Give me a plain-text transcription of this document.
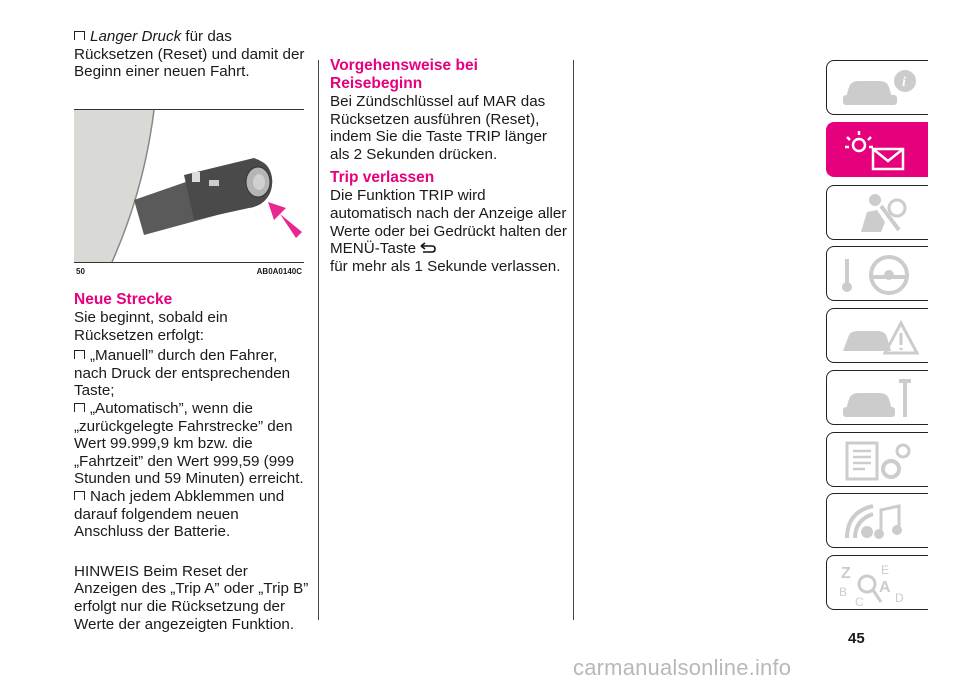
Langer Druck für das Rücksetzen (Reset) und damit der Beginn einer neuen Fahrt.

50	AB0A0140C
Neue Strecke

Sie beginnt, sobald ein Rücksetzen erfolgt:

„Manuell” durch den Fahrer, nach Druck der entsprechenden Taste;

„Automatisch”, wenn die „zurückgelegte Fahrstrecke” den Wert 99.999,9 km bzw. die „Fahrtzeit” den Wert 999,59 (999 Stunden und 59 Minuten) erreicht.

Nach jedem Abklemmen und darauf folgendem neuen Anschluss der Batterie.

HINWEIS Beim Reset der Anzeigen des „Trip A” oder „Trip B” erfolgt nur die Rücksetzung der Werte der angezeigten Funktion.

Vorgehensweise bei Reisebeginn

Bei Zündschlüssel auf MAR das Rücksetzen ausführen (Reset), indem Sie die Taste TRIP länger als 2 Sekunden drücken.

Trip verlassen

Die Funktion TRIP wird automatisch nach der Anzeige aller Werte oder bei Gedrückt halten der MENÜ-Taste
für mehr als 1 Sekunde verlassen.

i
Z	E
A
B
C	D
45
carmanualsonline.info
